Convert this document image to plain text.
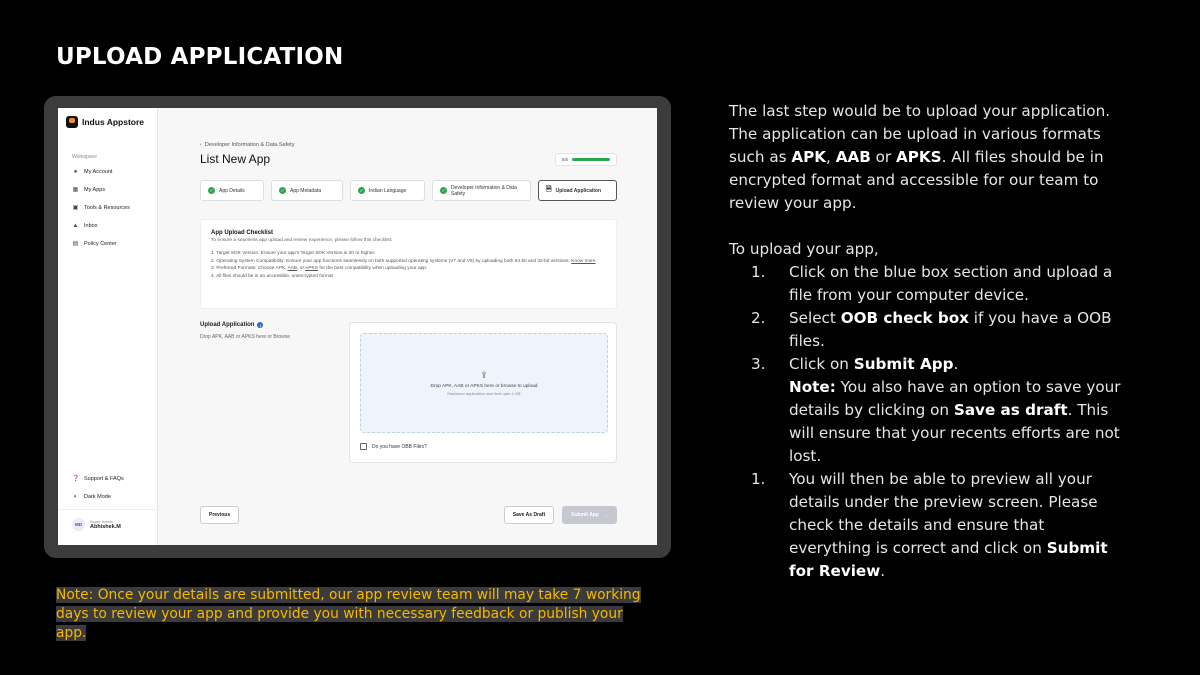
UPLOAD APPLICATION
Indus Appstore
Workspace
●	My Account
▦ My Apps
▣ Tools & Resources
▲ Inbox
▤ Policy Center
❓ Support & FAQs
◐	Dark Mode
MD
Super Admin
Abhishek.M
‹  Developer Information & Data Safety
List New App	5/5
✓	App Details	✓	App Metadata	✓	Indian Language	✓	Developer Information & Data Safety
🗎 Upload Application
App Upload Checklist
To ensure a seamless app upload and review experience, please follow this checklist:
1. Target SDK Version: Ensure your app's Target SDK Version is 30 or higher.
2. Operating System Compatibility: Ensure your app functions seamlessly on both supported operating systems (V7 and V8) by uploading both 64-bit and 32-bit versions. Know more
3. Preferred Formats: Choose APK, AAB, or APKS for the best compatibility when uploading your app.
4. All files should be in an accessible, unencrypted format
Upload Application	i
Drop APK, AAB or APKS here or Browse
⇪
Drop APK, AAB or APKS here or browse to upload
Maximum application size limit upto 4 GB
Do you have OBB Files?
Previous	Save As Draft	Submit App →

The last step would be to upload your application. The application can be upload in various formats such as APK, AAB or APKS. All files should be in encrypted format and accessible for our team to review your app.

To upload your app,

1.	Click on the blue box section and upload a file from your computer device.
2.	Select OOB check box if you have a OOB files.
3.	Click on Submit App.
Note: You also have an option to save your details by clicking on Save as draft. This will ensure that your recents efforts are not lost.
1.	You will then be able to preview all your details under the preview screen. Please check the details and ensure that everything is correct and click on Submit for Review.
Note: Once your details are submitted, our app review team will may take 7 working days to review your app and provide you with necessary feedback or publish your app.
